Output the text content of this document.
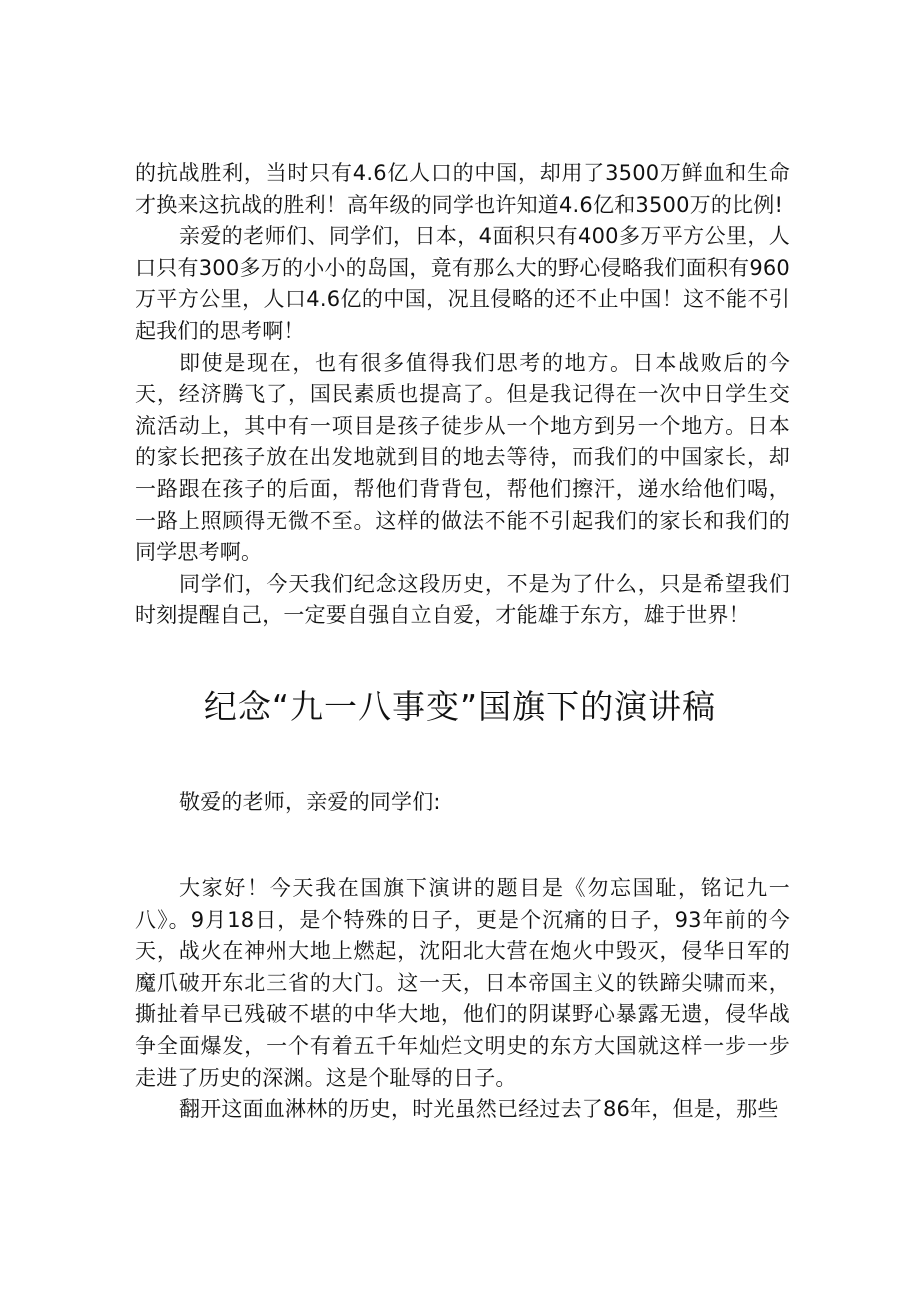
的抗战胜利，当时只有4.6亿人口的中国，却用了3500万鲜血和生命才换来这抗战的胜利！高年级的同学也许知道4.6亿和3500万的比例!

亲爱的老师们、同学们，日本，4面积只有400多万平方公里，人口只有300多万的小小的岛国，竟有那么大的野心侵略我们面积有960万平方公里，人口4.6亿的中国，况且侵略的还不止中国！这不能不引起我们的思考啊！

即使是现在，也有很多值得我们思考的地方。日本战败后的今天，经济腾飞了，国民素质也提高了。但是我记得在一次中日学生交流活动上，其中有一项目是孩子徒步从一个地方到另一个地方。日本的家长把孩子放在出发地就到目的地去等待，而我们的中国家长，却一路跟在孩子的后面，帮他们背背包，帮他们擦汗，递水给他们喝，一路上照顾得无微不至。这样的做法不能不引起我们的家长和我们的同学思考啊。

同学们，今天我们纪念这段历史，不是为了什么，只是希望我们时刻提醒自己，一定要自强自立自爱，才能雄于东方，雄于世界！

纪念“九一八事变”国旗下的演讲稿

敬爱的老师，亲爱的同学们:

大家好！今天我在国旗下演讲的题目是《勿忘国耻，铭记九一八》。9月18日，是个特殊的日子，更是个沉痛的日子，93年前的今天，战火在神州大地上燃起，沈阳北大营在炮火中毁灭，侵华日军的魔爪破开东北三省的大门。这一天，日本帝国主义的铁蹄尖啸而来，撕扯着早已残破不堪的中华大地，他们的阴谋野心暴露无遗，侵华战争全面爆发，一个有着五千年灿烂文明史的东方大国就这样一步一步走进了历史的深渊。这是个耻辱的日子。

翻开这面血淋林的历史，时光虽然已经过去了86年，但是，那些
